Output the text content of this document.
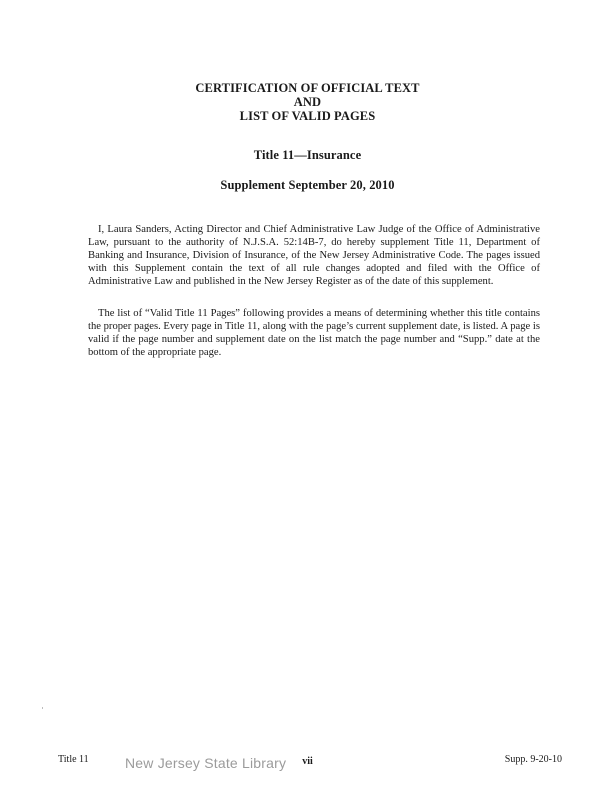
CERTIFICATION OF OFFICIAL TEXT
AND
LIST OF VALID PAGES
Title 11—Insurance
Supplement September 20, 2010

I, Laura Sanders, Acting Director and Chief Administrative Law Judge of the Office of Administrative Law, pursuant to the authority of N.J.S.A. 52:14B-7, do hereby supplement Title 11, Department of Banking and Insurance, Division of Insurance, of the New Jersey Administrative Code. The pages issued with this Supplement contain the text of all rule changes adopted and filed with the Office of Administrative Law and published in the New Jersey Register as of the date of this supplement.

The list of “Valid Title 11 Pages” following provides a means of determining whether this title contains the proper pages. Every page in Title 11, along with the page’s current supplement date, is listed. A page is valid if the page number and supplement date on the list match the page number and “Supp.” date at the bottom of the appropriate page.

Title 11	New Jersey State Library	vii	Supp. 9-20-10
